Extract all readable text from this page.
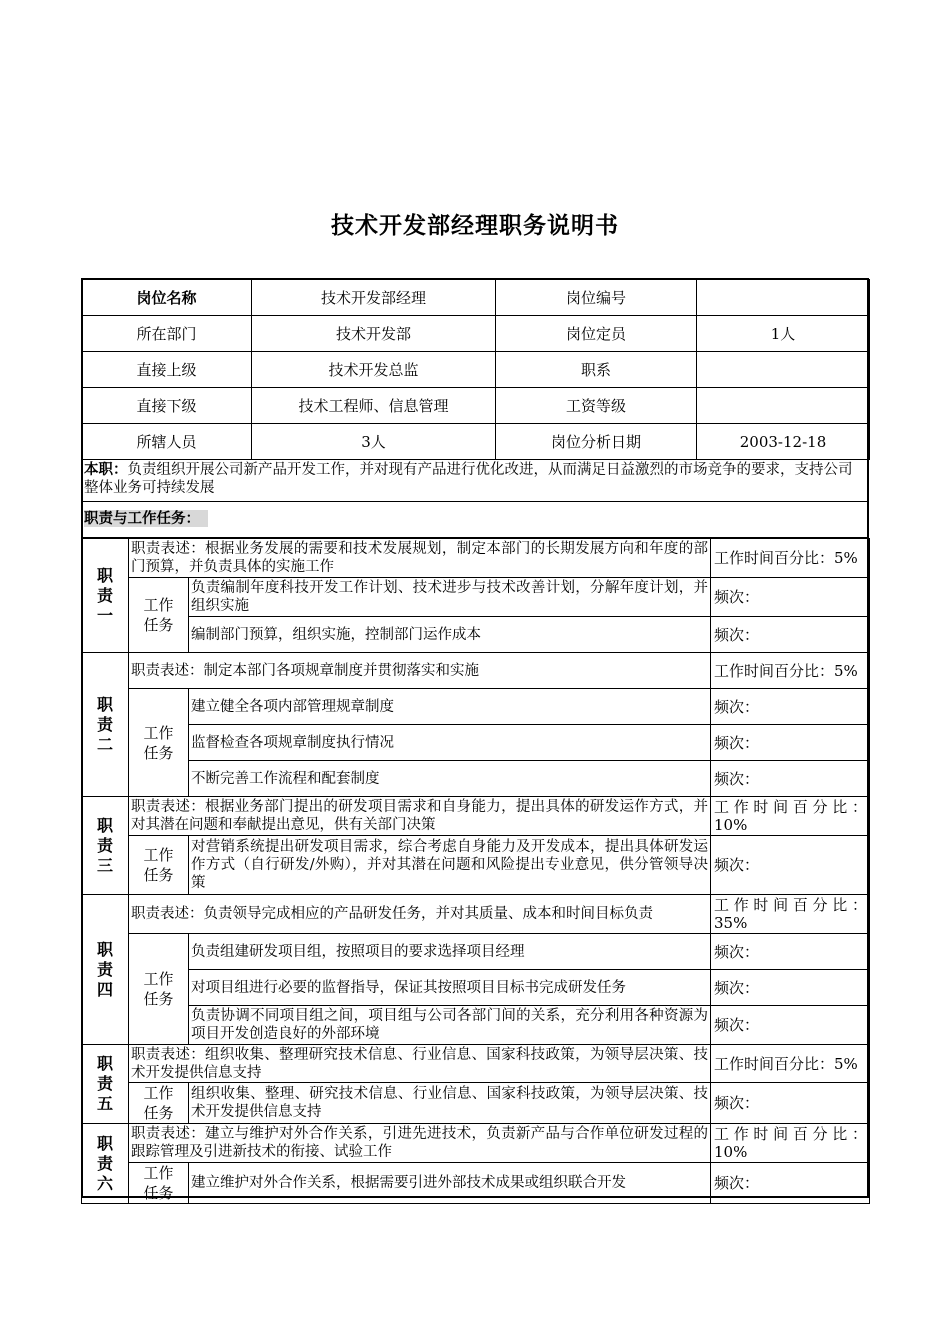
技术开发部经理职务说明书
岗位名称	技术开发部经理	岗位编号	
所在部门	技术开发部	岗位定员	1人
直接上级	技术开发总监	职系	
直接下级	技术工程师、信息管理	工资等级	
所辖人员	3人	岗位分析日期	2003-12-18
本职：负责组织开展公司新产品开发工作，并对现有产品进行优化改进，从而满足日益激烈的市场竞争的要求，支持公司整体业务可持续发展
职责与工作任务：
职责一	职责表述：根据业务发展的需要和技术发展规划，制定本部门的长期发展方向和年度的部门预算，并负责具体的实施工作		工作时间百分比：5%
	工作任务	负责编制年度科技开发工作计划、技术进步与技术改善计划，分解年度计划，并组织实施	频次：
		编制部门预算，组织实施，控制部门运作成本	频次：
职责二	职责表述：制定本部门各项规章制度并贯彻落实和实施		工作时间百分比：5%
	工作任务	建立健全各项内部管理规章制度	频次：
		监督检查各项规章制度执行情况	频次：
		不断完善工作流程和配套制度	频次：
职责三	职责表述：根据业务部门提出的研发项目需求和自身能力，提出具体的研发运作方式，并对其潜在问题和奉献提出意见，供有关部门决策		工作时间百分比：10%
	工作任务	对营销系统提出研发项目需求，综合考虑自身能力及开发成本，提出具体研发运作方式（自行研发/外购），并对其潜在问题和风险提出专业意见，供分管领导决策	频次：
职责四	职责表述：负责领导完成相应的产品研发任务，并对其质量、成本和时间目标负责		工作时间百分比：35%
	工作任务	负责组建研发项目组，按照项目的要求选择项目经理	频次：
		对项目组进行必要的监督指导，保证其按照项目目标书完成研发任务	频次：
		负责协调不同项目组之间，项目组与公司各部门间的关系，充分利用各种资源为项目开发创造良好的外部环境	频次：
职责五	职责表述：组织收集、整理研究技术信息、行业信息、国家科技政策，为领导层决策、技术开发提供信息支持		工作时间百分比：5%
	工作任务	组织收集、整理、研究技术信息、行业信息、国家科技政策，为领导层决策、技术开发提供信息支持	频次：
职责六	职责表述：建立与维护对外合作关系，引进先进技术，负责新产品与合作单位研发过程的跟踪管理及引进新技术的衔接、试验工作		工作时间百分比：10%
	工作任务	建立维护对外合作关系，根据需要引进外部技术成果或组织联合开发	频次：
